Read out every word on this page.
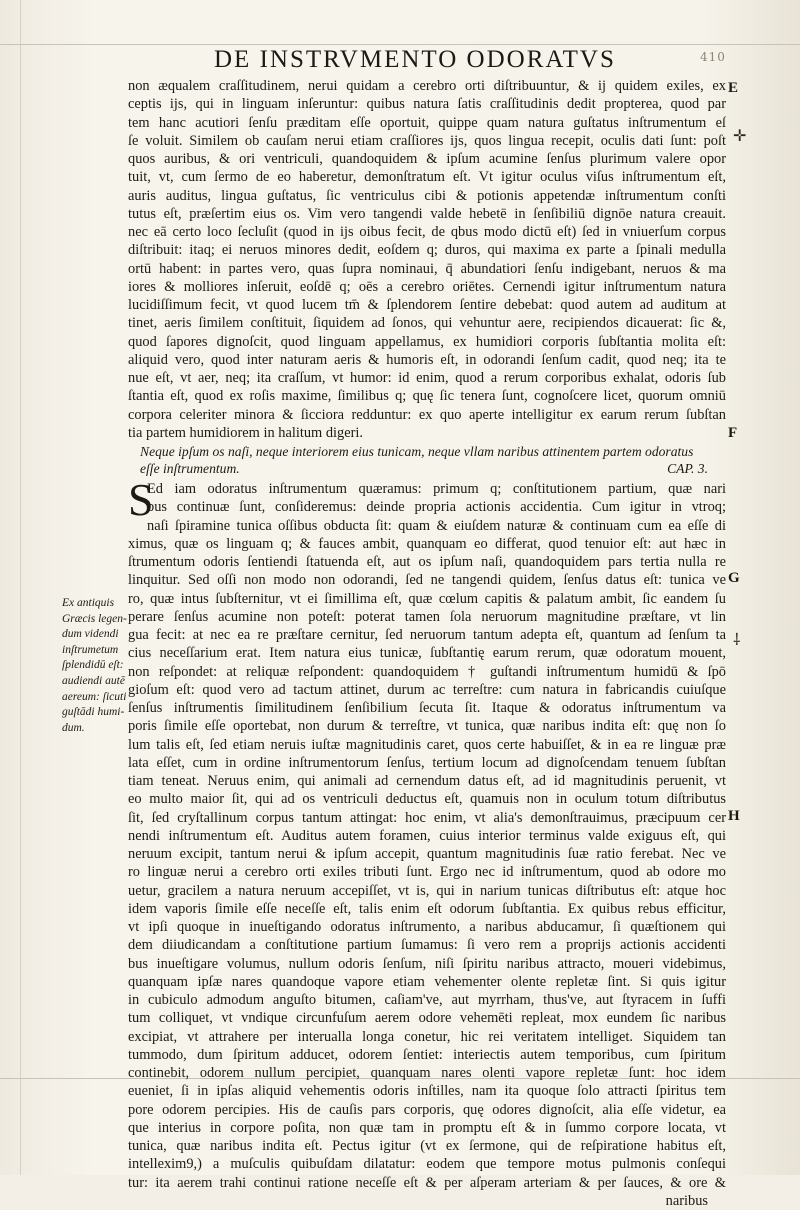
410
DE INSTRVMENTO ODORATVS
non æqualem craſſitudinem, nerui quidam a cerebro orti diſtribuuntur, & ij quidem exiles, ex
ceptis ijs, qui in linguam inſeruntur: quibus natura ſatis craſſitudinis dedit propterea, quod par
tem hanc acutiori ſenſu præditam eſſe oportuit, quippe quam natura guſtatus inſtrumentum eſ
ſe voluit. Similem ob cauſam nerui etiam craſſiores ijs, quos lingua recepit, oculis dati ſunt: poſt
quos auribus, & ori ventriculi, quandoquidem & ipſum acumine ſenſus plurimum valere opor
tuit, vt, cum ſermo de eo haberetur, demonſtratum eſt. Vt igitur oculus viſus inſtrumentum eſt,
auris auditus, lingua guſtatus, ſic ventriculus cibi & potionis appetendæ inſtrumentum conſti
tutus eſt, præſertim eius os. Vim vero tangendi valde hebetē in ſenſibiliū dignōe natura creauit.
nec eā certo loco ſecluſit (quod in ijs oibus fecit, de qbus modo dictū eſt) ſed in vniuerſum corpus
diſtribuit: itaq; ei neruos minores dedit, eoſdem q; duros, qui maxima ex parte a ſpinali medulla
ortū habent: in partes vero, quas ſupra nominaui, q̄ abundatiori ſenſu indigebant, neruos & ma
iores & molliores inſeruit, eoſdē q; oēs a cerebro oriētes. Cernendi igitur inſtrumentum natura
lucidiſſimum fecit, vt quod lucem tm̄ & ſplendorem ſentire debebat: quod autem ad auditum at
tinet, aeris ſimilem conſtituit, ſiquidem ad ſonos, qui vehuntur aere, recipiendos dicauerat: ſic &,
quod ſapores dignoſcit, quod linguam appellamus, ex humidiori corporis ſubſtantia molita eſt:
aliquid vero, quod inter naturam aeris & humoris eſt, in odorandi ſenſum cadit, quod neq; ita te
nue eſt, vt aer, neq; ita craſſum, vt humor: id enim, quod a rerum corporibus exhalat, odoris ſub
ſtantia eſt, quod ex roſis maxime, ſimilibus q; quę ſic tenera ſunt, cognoſcere licet, quorum omniū
corpora celeriter minora & ſicciora redduntur: ex quo aperte intelligitur ex earum rerum ſubſtan
tia partem humidiorem in halitum digeri.
Neque ipſum os naſi, neque interiorem eius tunicam, neque vllam naribus attinentem partem odoratus
eſſe inſtrumentum.	CAP. 3.
S
Ed iam odoratus inſtrumentum quæramus: primum q; conſtitutionem partium, quæ nari
bus continuæ ſunt, conſideremus: deinde propria actionis accidentia. Cum igitur in vtroq;
naſi ſpiramine tunica oſſibus obducta ſit: quam & eiuſdem naturæ & continuam cum ea eſſe di
ximus, quæ os linguam q; & fauces ambit, quanquam eo differat, quod tenuior eſt: aut hæc in
ſtrumentum odoris ſentiendi ſtatuenda eſt, aut os ipſum naſi, quandoquidem pars tertia nulla re
linquitur. Sed oſſi non modo non odorandi, ſed ne tangendi quidem, ſenſus datus eſt: tunica ve
ro, quæ intus ſubſternitur, vt ei ſimillima eſt, quæ cœlum capitis & palatum ambit, ſic eandem ſu
perare ſenſus acumine non poteſt: poterat tamen ſola neruorum magnitudine præſtare, vt lin
gua fecit: at nec ea re præſtare cernitur, ſed neruorum tantum adepta eſt, quantum ad ſenſum ta
cius neceſſarium erat. Item natura eius tunicæ, ſubſtantię earum rerum, quæ odoratum mouent,
non reſpondet: at reliquæ reſpondent: quandoquidem † guſtandi inſtrumentum humidū & ſpō
gioſum eſt: quod vero ad tactum attinet, durum ac terreſtre: cum natura in fabricandis cuiuſque
ſenſus inſtrumentis ſimilitudinem ſenſibilium ſecuta ſit. Itaque & odoratus inſtrumentum va
poris ſimile eſſe oportebat, non durum & terreſtre, vt tunica, quæ naribus indita eſt: quę non ſo
lum talis eſt, ſed etiam neruis iuſtæ magnitudinis caret, quos certe habuiſſet, & in ea re linguæ præ
lata eſſet, cum in ordine inſtrumentorum ſenſus, tertium locum ad dignoſcendam tenuem ſubſtan
tiam teneat. Neruus enim, qui animali ad cernendum datus eſt, ad id magnitudinis peruenit, vt
eo multo maior ſit, qui ad os ventriculi deductus eſt, quamuis non in oculum totum diſtributus
ſit, ſed cryſtallinum corpus tantum attingat: hoc enim, vt alia's demonſtrauimus, præcipuum cer
nendi inſtrumentum eſt. Auditus autem foramen, cuius interior terminus valde exiguus eſt, qui
neruum excipit, tantum nerui & ipſum accepit, quantum magnitudinis ſuæ ratio ferebat. Nec ve
ro linguæ nerui a cerebro orti exiles tributi ſunt. Ergo nec id inſtrumentum, quod ab odore mo
uetur, gracilem a natura neruum accepiſſet, vt is, qui in narium tunicas diſtributus eſt: atque hoc
idem vaporis ſimile eſſe neceſſe eſt, talis enim eſt odorum ſubſtantia. Ex quibus rebus efficitur,
vt ipſi quoque in inueſtigando odoratus inſtrumento, a naribus abducamur, ſi quæſtionem qui
dem diiudicandam a conſtitutione partium ſumamus: ſi vero rem a proprijs actionis accidenti
bus inueſtigare volumus, nullum odoris ſenſum, niſi ſpiritu naribus attracto, moueri videbimus,
quanquam ipſæ nares quandoque vapore etiam vehementer olente repletæ ſint. Si quis igitur
in cubiculo admodum anguſto bitumen, caſiam've, aut myrrham, thus've, aut ſtyracem in ſuffi
tum colliquet, vt vndique circunfuſum aerem odore vehemēti repleat, mox eundem ſic naribus
excipiat, vt attrahere per interualla longa conetur, hic rei veritatem intelliget. Siquidem tan
tummodo, dum ſpiritum adducet, odorem ſentiet: interiectis autem temporibus, cum ſpiritum
continebit, odorem nullum percipiet, quanquam nares olenti vapore repletæ ſunt: hoc idem
eueniet, ſi in ipſas aliquid vehementis odoris inſtilles, nam ita quoque ſolo attracti ſpiritus tem
pore odorem percipies. His de cauſis pars corporis, quę odores dignoſcit, alia eſſe videtur, ea
que interius in corpore poſita, non quæ tam in promptu eſt & in ſummo corpore locata, vt
tunica, quæ naribus indita eſt. Pectus igitur (vt ex ſermone, qui de reſpiratione habitus eſt,
intellexim9,) a muſculis quibuſdam dilatatur: eodem que tempore motus pulmonis conſequi
tur: ita aerem trahi continui ratione neceſſe eſt & per aſperam arteriam & per ſauces, & ore &
naribus
Ex antiquis
Græcis legen-
dum videndi
inſtrumetum
ſplendidū eſt:
audiendi autē
aereum: ſicuti
guſtādi humi-
dum.
E
F
G
H
✛
⸸
